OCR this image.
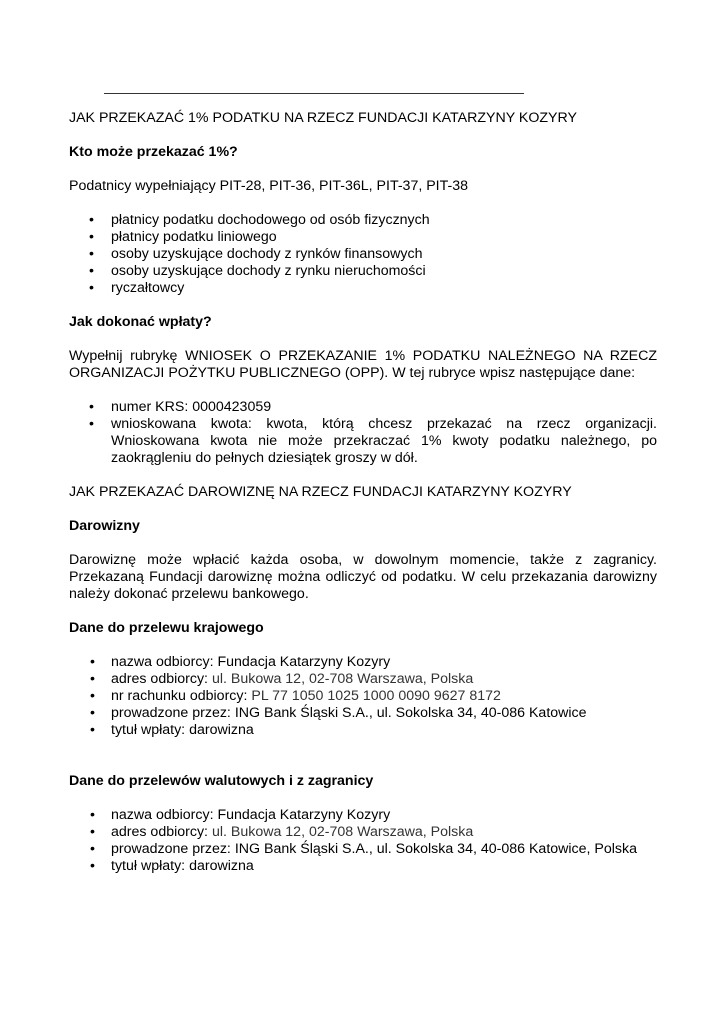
JAK PRZEKAZAĆ 1% PODATKU NA RZECZ FUNDACJI KATARZYNY KOZYRY

Kto może przekazać 1%?

Podatnicy wypełniający PIT-28, PIT-36, PIT-36L, PIT-37, PIT-38

• płatnicy podatku dochodowego od osób fizycznych
• płatnicy podatku liniowego
• osoby uzyskujące dochody z rynków finansowych
• osoby uzyskujące dochody z rynku nieruchomości
• ryczałtowcy

Jak dokonać wpłaty?

Wypełnij rubrykę WNIOSEK O PRZEKAZANIE 1% PODATKU NALEŻNEGO NA RZECZ ORGANIZACJI POŻYTKU PUBLICZNEGO (OPP). W tej rubryce wpisz następujące dane:

• numer KRS: 0000423059
• wnioskowana kwota: kwota, którą chcesz przekazać na rzecz organizacji. Wnioskowana kwota nie może przekraczać 1% kwoty podatku należnego, po zaokrągleniu do pełnych dziesiątek groszy w dół.

JAK PRZEKAZAĆ DAROWIZNĘ NA RZECZ FUNDACJI KATARZYNY KOZYRY

Darowizny

Darowiznę może wpłacić każda osoba, w dowolnym momencie, także z zagranicy. Przekazaną Fundacji darowiznę można odliczyć od podatku. W celu przekazania darowizny należy dokonać przelewu bankowego.

Dane do przelewu krajowego

• nazwa odbiorcy: Fundacja Katarzyny Kozyry
• adres odbiorcy: ul. Bukowa 12, 02-708 Warszawa, Polska
• nr rachunku odbiorcy: PL 77 1050 1025 1000 0090 9627 8172
• prowadzone przez: ING Bank Śląski S.A., ul. Sokolska 34, 40-086 Katowice
• tytuł wpłaty: darowizna

Dane do przelewów walutowych i z zagranicy

• nazwa odbiorcy: Fundacja Katarzyny Kozyry
• adres odbiorcy: ul. Bukowa 12, 02-708 Warszawa, Polska
• prowadzone przez: ING Bank Śląski S.A., ul. Sokolska 34, 40-086 Katowice, Polska
• tytuł wpłaty: darowizna
